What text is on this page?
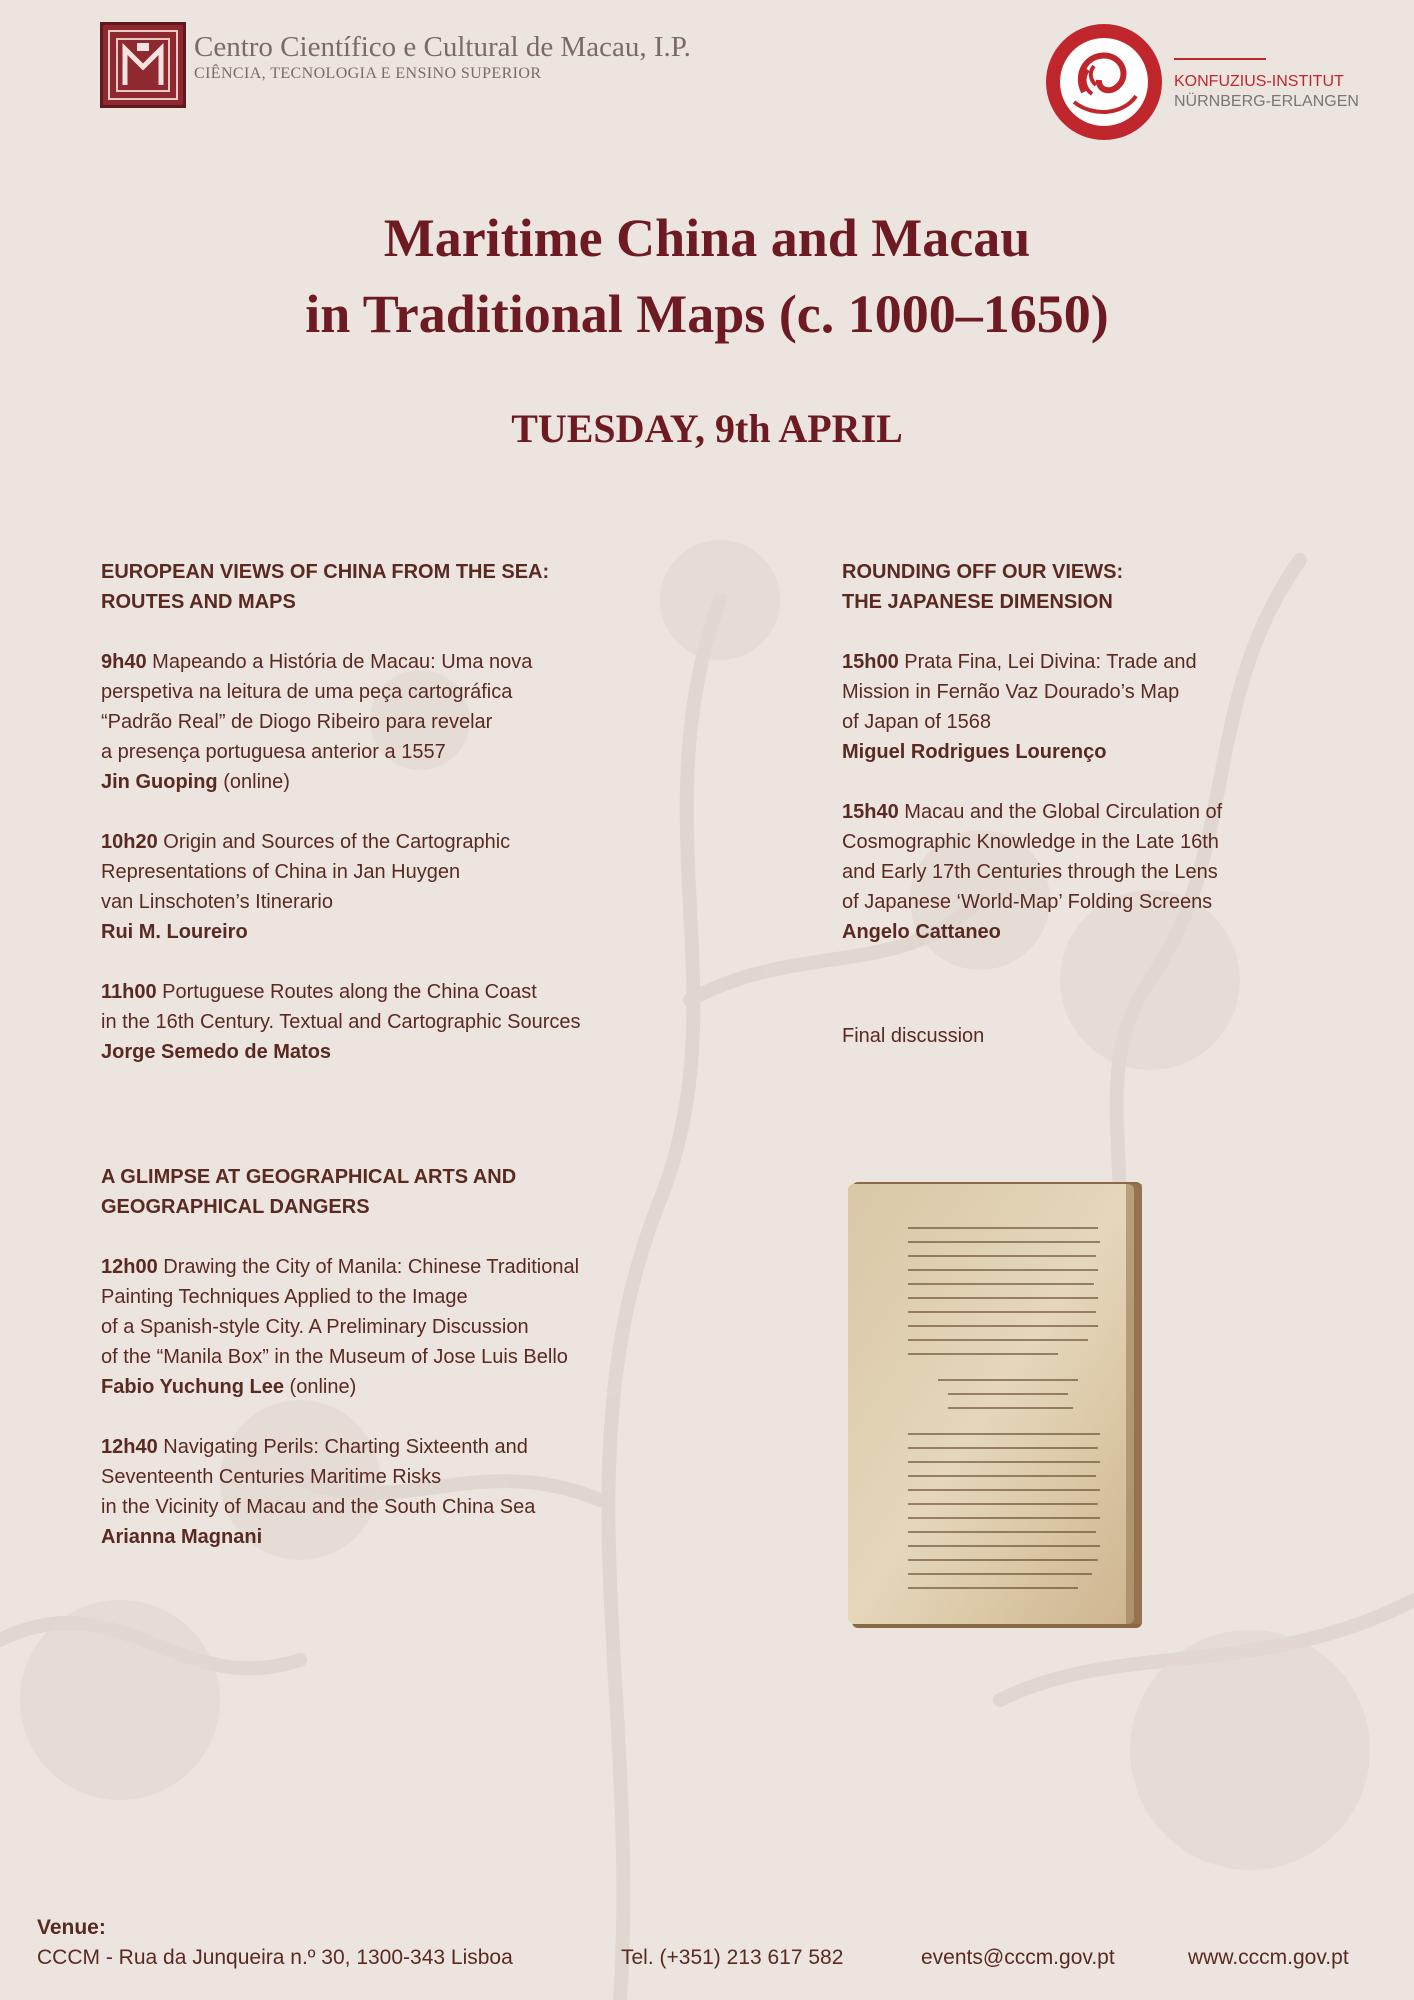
Centro Científico e Cultural de Macau, I.P.
CIÊNCIA, TECNOLOGIA E ENSINO SUPERIOR	KONFUZIUS-INSTITUT
NÜRNBERG-ERLANGEN
Maritime China and Macau
in Traditional Maps (c. 1000–1650)
TUESDAY, 9th APRIL
EUROPEAN VIEWS OF CHINA FROM THE SEA:
ROUTES AND MAPS

9h40 Mapeando a História de Macau: Uma nova

perspetiva na leitura de uma peça cartográfica

“Padrão Real” de Diogo Ribeiro para revelar

a presença portuguesa anterior a 1557

Jin Guoping (online)

10h20 Origin and Sources of the Cartographic

Representations of China in Jan Huygen

van Linschoten’s Itinerario

Rui M. Loureiro

11h00 Portuguese Routes along the China Coast

in the 16th Century. Textual and Cartographic Sources

Jorge Semedo de Matos

A GLIMPSE AT GEOGRAPHICAL ARTS AND
GEOGRAPHICAL DANGERS

12h00 Drawing the City of Manila: Chinese Traditional

Painting Techniques Applied to the Image

of a Spanish-style City. A Preliminary Discussion

of the “Manila Box” in the Museum of Jose Luis Bello

Fabio Yuchung Lee (online)

12h40 Navigating Perils: Charting Sixteenth and

Seventeenth Centuries Maritime Risks

in the Vicinity of Macau and the South China Sea

Arianna Magnani

ROUNDING OFF OUR VIEWS:
THE JAPANESE DIMENSION

15h00 Prata Fina, Lei Divina: Trade and

Mission in Fernão Vaz Dourado’s Map

of Japan of 1568

Miguel Rodrigues Lourenço

15h40 Macau and the Global Circulation of

Cosmographic Knowledge in the Late 16th

and Early 17th Centuries through the Lens

of Japanese ‘World-Map’ Folding Screens

Angelo Cattaneo

Final discussion
Venue:
CCCM - Rua da Junqueira n.º 30, 1300-343 Lisboa	Tel. (+351) 213 617 582	events@cccm.gov.pt	www.cccm.gov.pt
